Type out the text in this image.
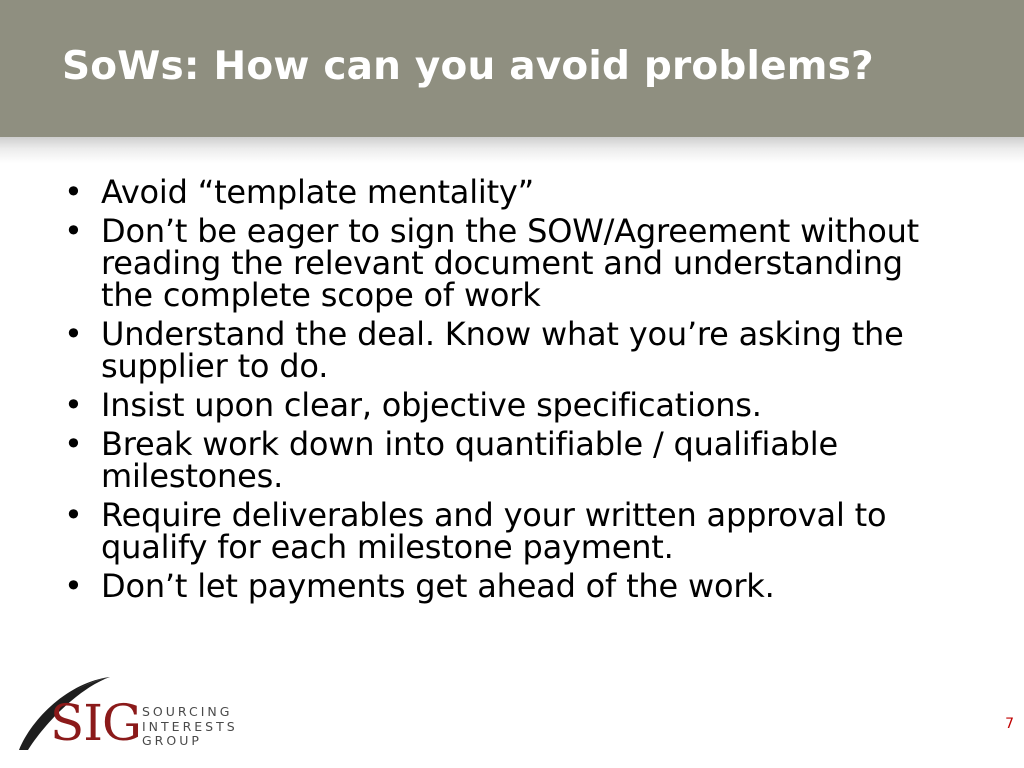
SoWs: How can you avoid problems?
• Avoid “template mentality”
• Don’t be eager to sign the SOW/Agreement without reading the relevant document and understanding the complete scope of work
• Understand the deal. Know what you’re asking the supplier to do.
• Insist upon clear, objective specifications.
• Break work down into quantifiable / qualifiable milestones.
• Require deliverables and your written approval to qualify for each milestone payment.
• Don’t let payments get ahead of the work.
SIG SOURCING
INTERESTS
GROUP
7
